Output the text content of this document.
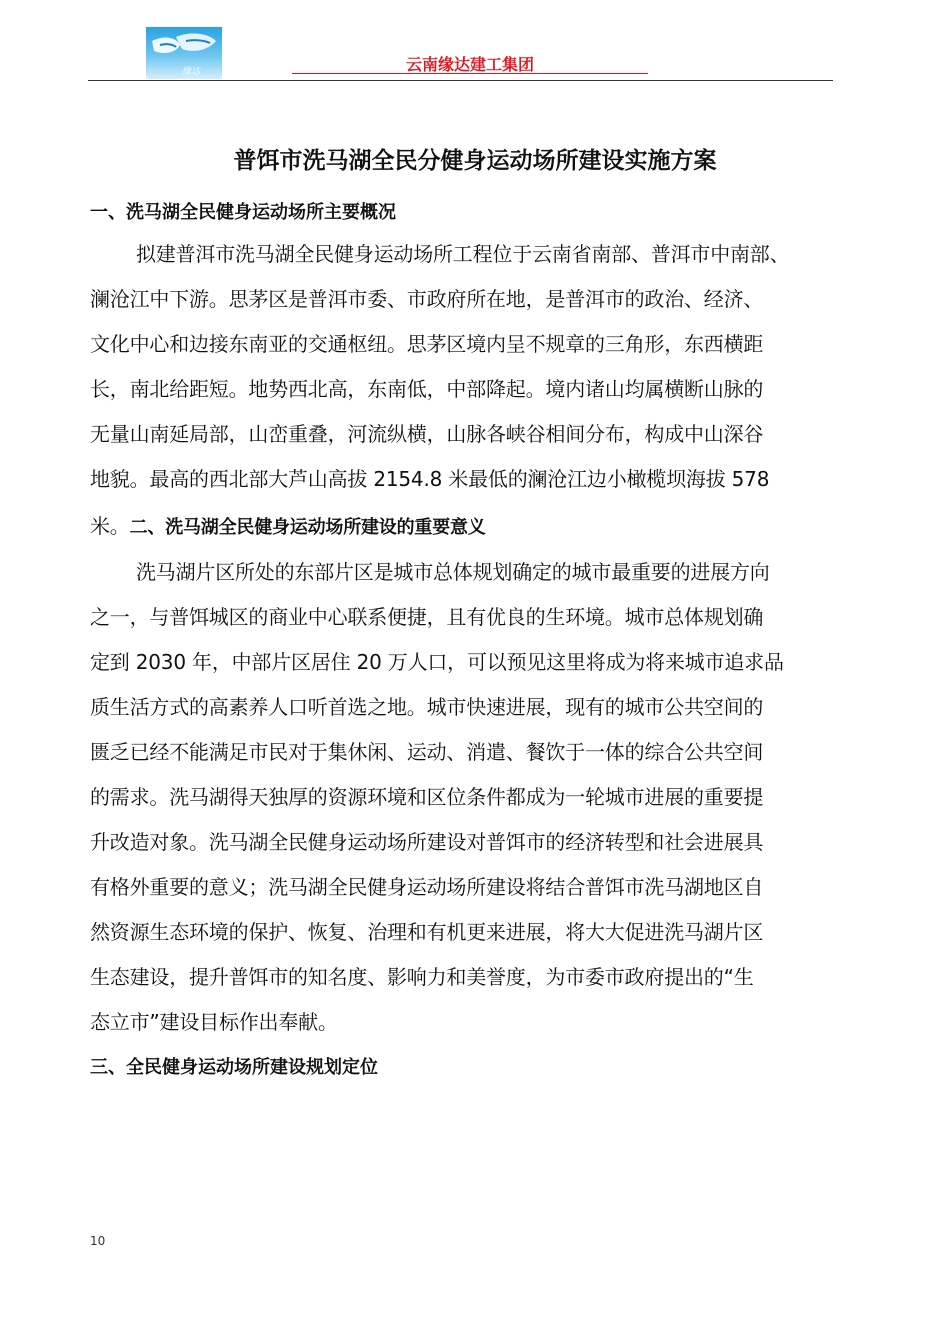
缘达	云南缘达建工集团
普饵市洗马湖全民分健身运动场所建设实施方案
一、洗马湖全民健身运动场所主要概况
拟建普洱市洗马湖全民健身运动场所工程位于云南省南部、普洱市中南部、
澜沧江中下游。思茅区是普洱市委、市政府所在地，是普洱市的政治、经济、
文化中心和边接东南亚的交通枢纽。思茅区境内呈不规章的三角形，东西横距
长，南北给距短。地势西北高，东南低，中部降起。境内诸山均属横断山脉的
无量山南延局部，山峦重叠，河流纵横，山脉各峡谷相间分布，构成中山深谷
地貌。最高的西北部大芦山高拔 2154.8 米最低的澜沧江边小橄榄坝海拔 578
米。二、洗马湖全民健身运动场所建设的重要意义
洗马湖片区所处的东部片区是城市总体规划确定的城市最重要的进展方向
之一，与普饵城区的商业中心联系便捷，且有优良的生环境。城市总体规划确
定到 2030 年，中部片区居住 20 万人口，可以预见这里将成为将来城市追求品
质生活方式的高素养人口听首选之地。城市快速进展，现有的城市公共空间的
匮乏已经不能满足市民对于集休闲、运动、消遣、餐饮于一体的综合公共空间
的需求。洗马湖得天独厚的资源环境和区位条件都成为一轮城市进展的重要提
升改造对象。洗马湖全民健身运动场所建设对普饵市的经济转型和社会进展具
有格外重要的意义；洗马湖全民健身运动场所建设将结合普饵市洗马湖地区自
然资源生态环境的保护、恢复、治理和有机更来进展，将大大促进洗马湖片区
生态建设，提升普饵市的知名度、影响力和美誉度，为市委市政府提出的“生
态立市”建设目标作出奉献。
三、全民健身运动场所建设规划定位
10
